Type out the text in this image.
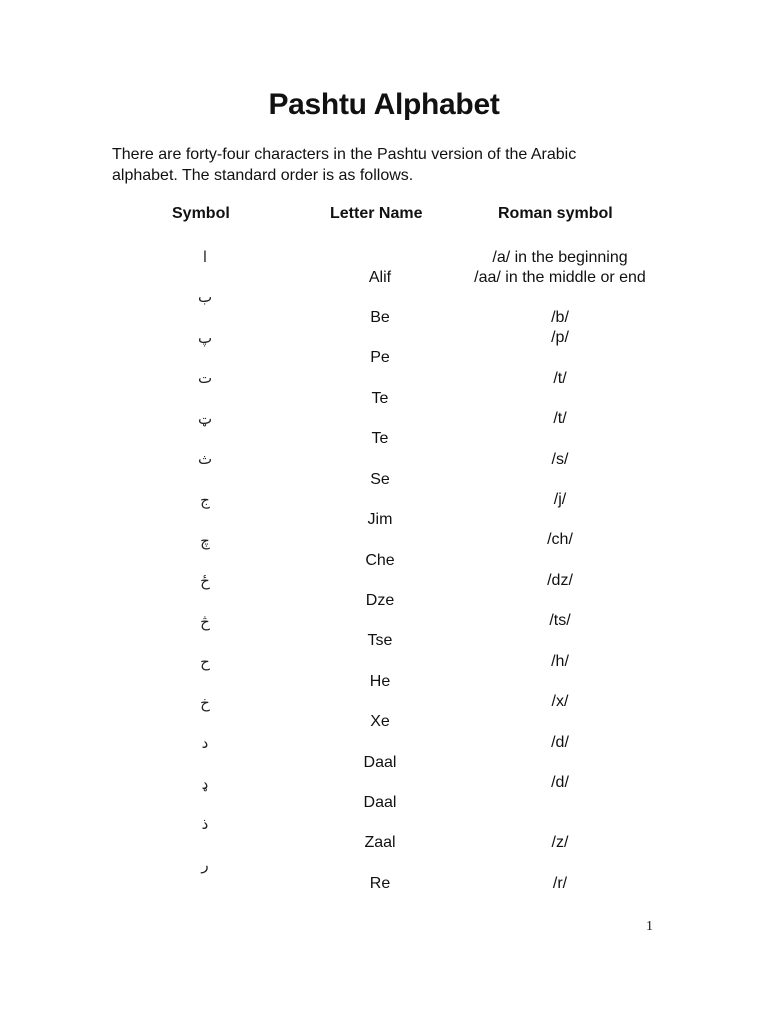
Pashtu Alphabet
There are forty-four characters in the Pashtu version of the Arabic
alphabet. The standard order is as follows.
Symbol	Letter Name	Roman symbol
ا
ب
پ
ت
ټ
ث
ج
چ
ځ
څ
ح
خ
د
ډ
ذ
ر
Alif
Be
Pe
Te
Te
Se
Jim
Che
Dze
Tse
He
Xe
Daal
Daal
Zaal
Re
/a/ in the beginning
/aa/ in the middle or end
/b/
/p/
/t/
/t/
/s/
/j/
/ch/
/dz/
/ts/
/h/
/x/
/d/
/d/
/z/
/r/
1
